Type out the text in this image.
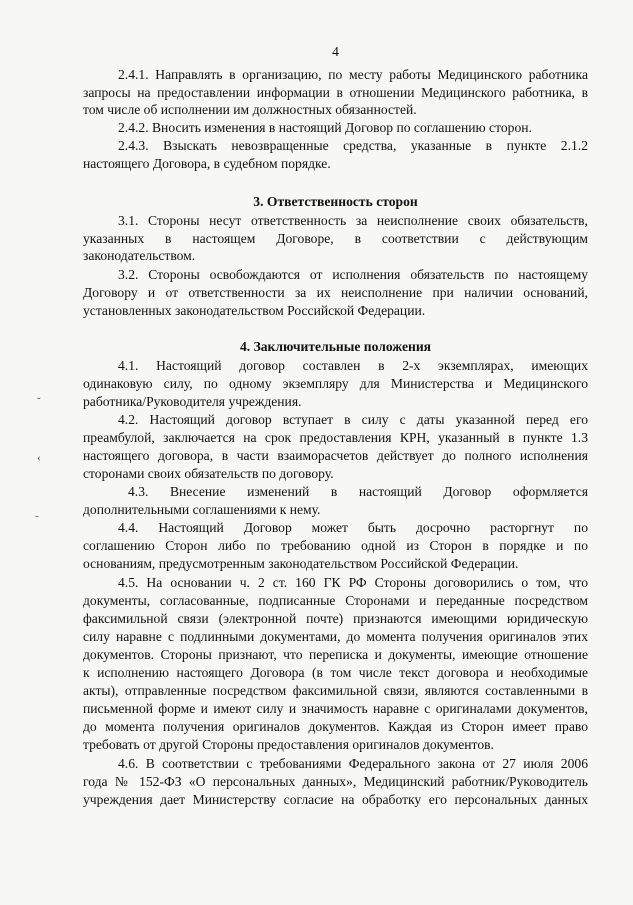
4
2.4.1. Направлять в организацию, по месту работы Медицинского работника
запросы на предоставлении информации в отношении Медицинского работника, в
том числе об исполнении им должностных обязанностей.
2.4.2. Вносить изменения в настоящий Договор по соглашению сторон.
2.4.3. Взыскать невозвращенные средства, указанные в пункте 2.1.2
настоящего Договора, в судебном порядке.
3. Ответственность сторон
3.1. Стороны несут ответственность за неисполнение своих обязательств,
указанных в настоящем Договоре, в соответствии с действующим
законодательством.
3.2. Стороны освобождаются от исполнения обязательств по настоящему
Договору и от ответственности за их неисполнение при наличии оснований,
установленных законодательством Российской Федерации.
4. Заключительные положения
4.1. Настоящий договор составлен в 2-х экземплярах, имеющих
одинаковую силу, по одному экземпляру для Министерства и Медицинского
работника/Руководителя учреждения.
4.2. Настоящий договор вступает в силу с даты указанной перед его
преамбулой, заключается на срок предоставления КРН, указанный в пункте 1.3
настоящего договора, в части взаиморасчетов действует до полного исполнения
сторонами своих обязательств по договору.
4.3. Внесение изменений в настоящий Договор оформляется
дополнительными соглашениями к нему.
4.4. Настоящий Договор может быть досрочно расторгнут по
соглашению Сторон либо по требованию одной из Сторон в порядке и по
основаниям, предусмотренным законодательством Российской Федерации.
4.5. На основании ч. 2 ст. 160 ГК РФ Стороны договорились о том, что
документы, согласованные, подписанные Сторонами и переданные посредством
факсимильной связи (электронной почте) признаются имеющими юридическую
силу наравне с подлинными документами, до момента получения оригиналов этих
документов. Стороны признают, что переписка и документы, имеющие отношение
к исполнению настоящего Договора (в том числе текст договора и необходимые
акты), отправленные посредством факсимильной связи, являются составленными в
письменной форме и имеют силу и значимость наравне с оригиналами документов,
до момента получения оригиналов документов. Каждая из Сторон имеет право
требовать от другой Стороны предоставления оригиналов документов.
4.6. В соответствии с требованиями Федерального закона от 27 июля 2006
года № 152-ФЗ «О персональных данных», Медицинский работник/Руководитель
учреждения дает Министерству согласие на обработку его персональных данных
˘
‹
˜
